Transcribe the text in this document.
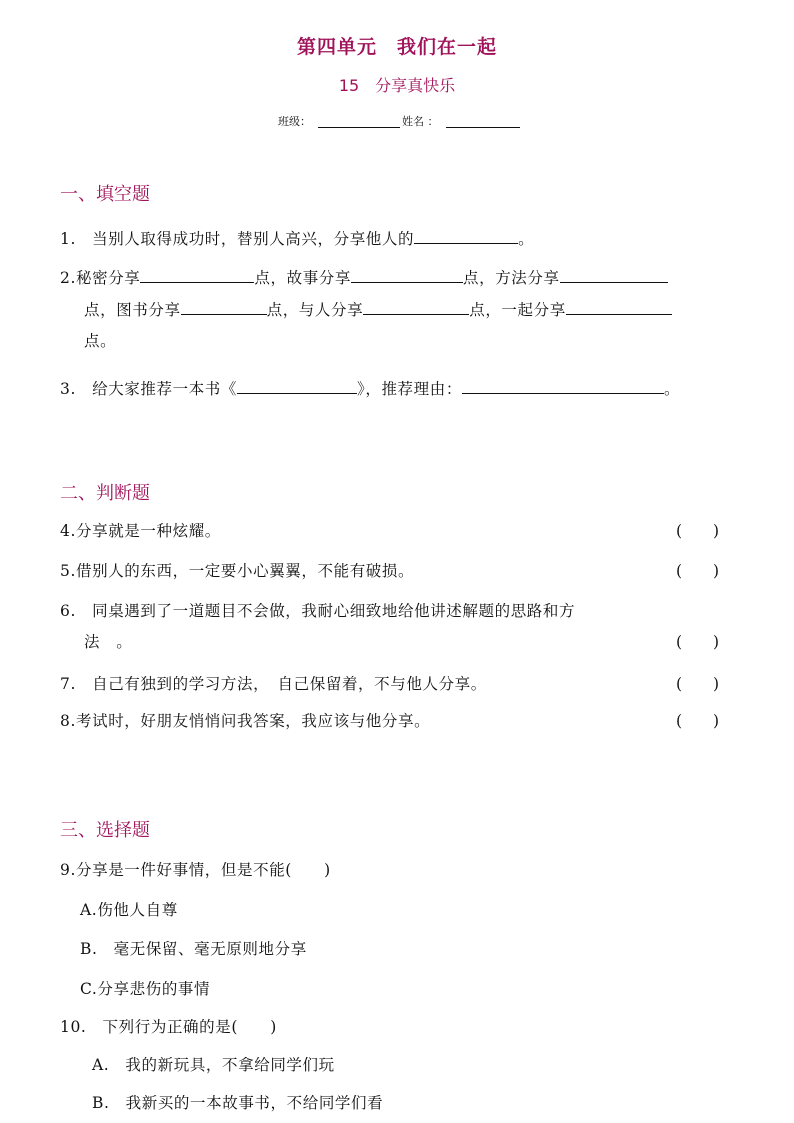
第四单元　我们在一起
15　分享真快乐
班级：	姓名 ：
一、填空题
1.　当别人取得成功时，替别人高兴，分享他人的	。
2.秘密分享	点，故事分享	点，方法分享
点，图书分享	点，与人分享	点，一起分享
点。
3.　给大家推荐一本书《	》，推荐理由：	。
二、判断题
4.分享就是一种炫耀。	(　　)
5.借别人的东西，一定要小心翼翼，不能有破损。	(　　)
6.　同桌遇到了一道题目不会做，我耐心细致地给他讲述解题的思路和方
法　。	(　　)
7.　自己有独到的学习方法，　自己保留着，不与他人分享。	(　　)
8.考试时，好朋友悄悄问我答案，我应该与他分享。	(　　)
三、选择题
9.分享是一件好事情，但是不能(　　)
A.伤他人自尊
B.　毫无保留、毫无原则地分享
C.分享悲伤的事情
10.　下列行为正确的是(　　)
A.　我的新玩具，不拿给同学们玩
B.　我新买的一本故事书，不给同学们看
